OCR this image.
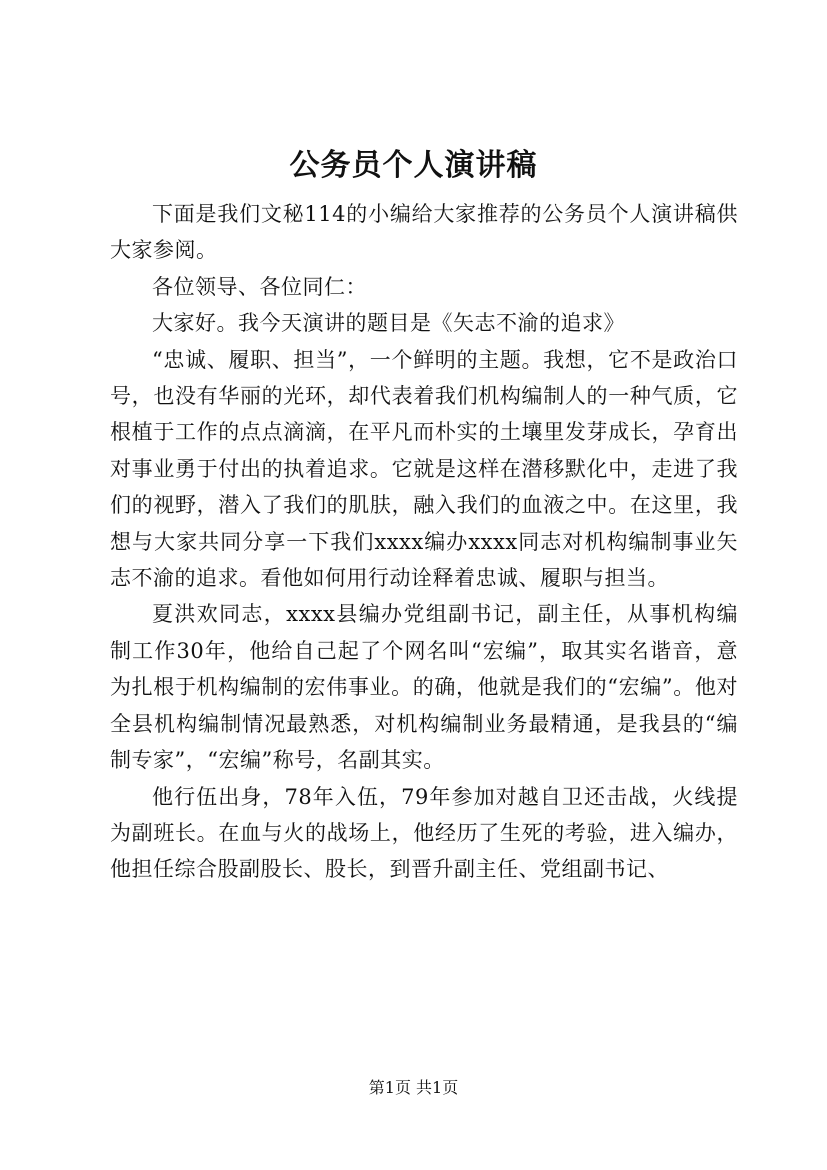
公务员个人演讲稿

下面是我们文秘114的小编给大家推荐的公务员个人演讲稿供大家参阅。

各位领导、各位同仁：

大家好。我今天演讲的题目是《矢志不渝的追求》

“忠诚、履职、担当”，一个鲜明的主题。我想，它不是政治口号，也没有华丽的光环，却代表着我们机构编制人的一种气质，它根植于工作的点点滴滴，在平凡而朴实的土壤里发芽成长，孕育出对事业勇于付出的执着追求。它就是这样在潜移默化中，走进了我们的视野，潜入了我们的肌肤，融入我们的血液之中。在这里，我想与大家共同分享一下我们xxxx编办xxxx同志对机构编制事业矢志不渝的追求。看他如何用行动诠释着忠诚、履职与担当。

夏洪欢同志，xxxx县编办党组副书记，副主任，从事机构编制工作30年，他给自己起了个网名叫“宏编”，取其实名谐音，意为扎根于机构编制的宏伟事业。的确，他就是我们的“宏编”。他对全县机构编制情况最熟悉，对机构编制业务最精通，是我县的“编制专家”，“宏编”称号，名副其实。

他行伍出身，78年入伍，79年参加对越自卫还击战，火线提为副班长。在血与火的战场上，他经历了生死的考验，进入编办，他担任综合股副股长、股长，到晋升副主任、党组副书记、

第1页 共1页
